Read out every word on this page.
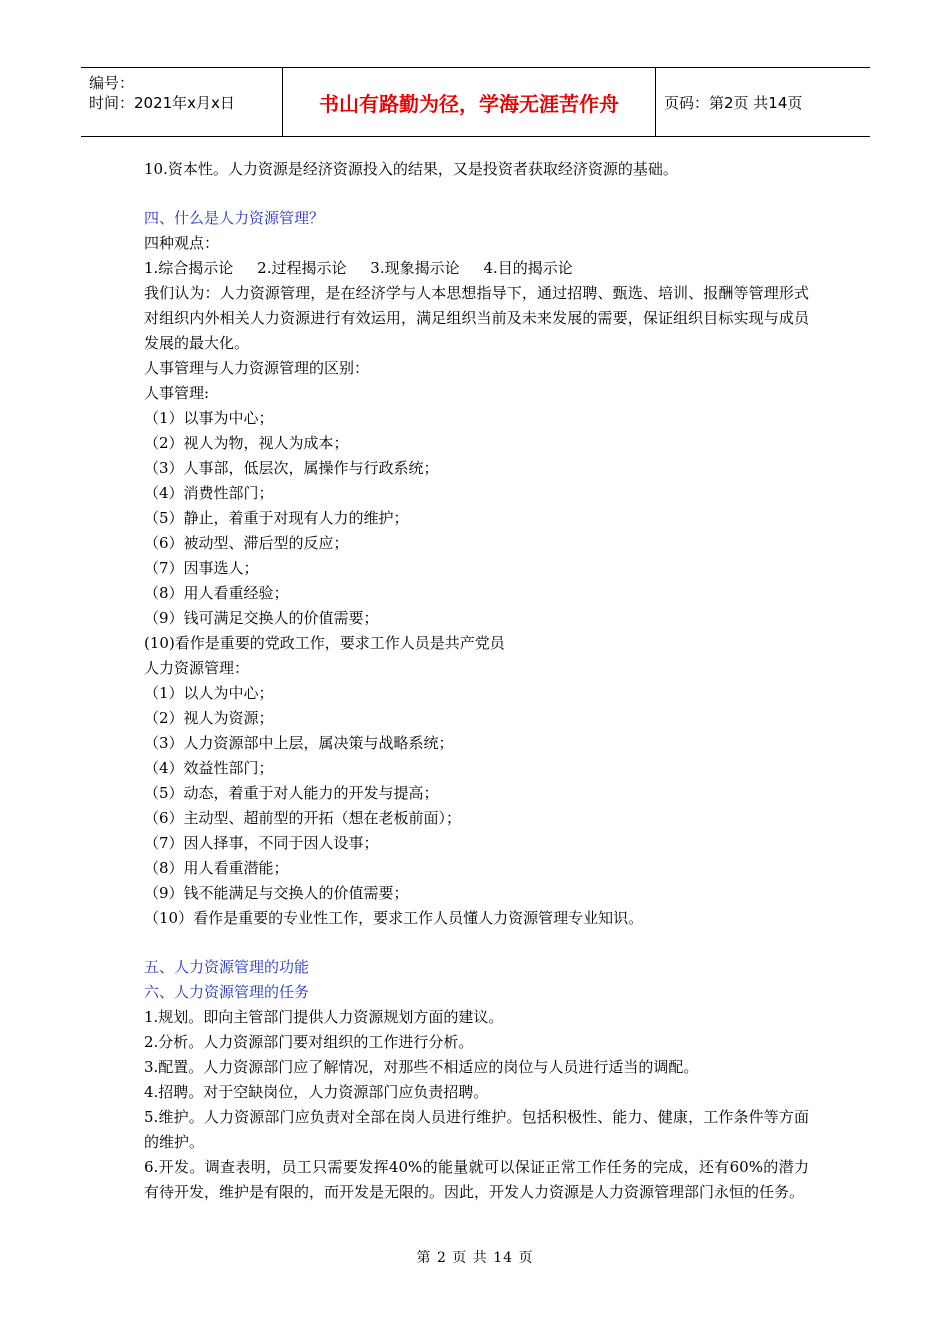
编号：
时间：2021年x月x日	书山有路勤为径，学海无涯苦作舟	页码：第2页 共14页

10.资本性。人力资源是经济资源投入的结果，又是投资者获取经济资源的基础。

四、什么是人力资源管理？

四种观点：

1.综合揭示论     2.过程揭示论     3.现象揭示论     4.目的揭示论

我们认为：人力资源管理，是在经济学与人本思想指导下，通过招聘、甄选、培训、报酬等管理形式对组织内外相关人力资源进行有效运用，满足组织当前及未来发展的需要，保证组织目标实现与成员发展的最大化。

人事管理与人力资源管理的区别：

人事管理:

（1）以事为中心；

（2）视人为物，视人为成本；

（3）人事部，低层次，属操作与行政系统；

（4）消费性部门；

（5）静止，着重于对现有人力的维护；

（6）被动型、滞后型的反应；

（7）因事选人；

（8）用人看重经验；

（9）钱可满足交换人的价值需要；

(10)看作是重要的党政工作，要求工作人员是共产党员

人力资源管理：

（1）以人为中心；

（2）视人为资源；

（3）人力资源部中上层，属决策与战略系统；

（4）效益性部门；

（5）动态，着重于对人能力的开发与提高；

（6）主动型、超前型的开拓（想在老板前面）；

（7）因人择事，不同于因人设事；

（8）用人看重潜能；

（9）钱不能满足与交换人的价值需要；

（10）看作是重要的专业性工作，要求工作人员懂人力资源管理专业知识。

五、人力资源管理的功能

六、人力资源管理的任务

1.规划。即向主管部门提供人力资源规划方面的建议。

2.分析。人力资源部门要对组织的工作进行分析。

3.配置。人力资源部门应了解情况，对那些不相适应的岗位与人员进行适当的调配。

4.招聘。对于空缺岗位，人力资源部门应负责招聘。

5.维护。人力资源部门应负责对全部在岗人员进行维护。包括积极性、能力、健康，工作条件等方面的维护。

6.开发。调查表明，员工只需要发挥40%的能量就可以保证正常工作任务的完成，还有60%的潜力有待开发，维护是有限的，而开发是无限的。因此，开发人力资源是人力资源管理部门永恒的任务。

第 2 页 共 14 页
